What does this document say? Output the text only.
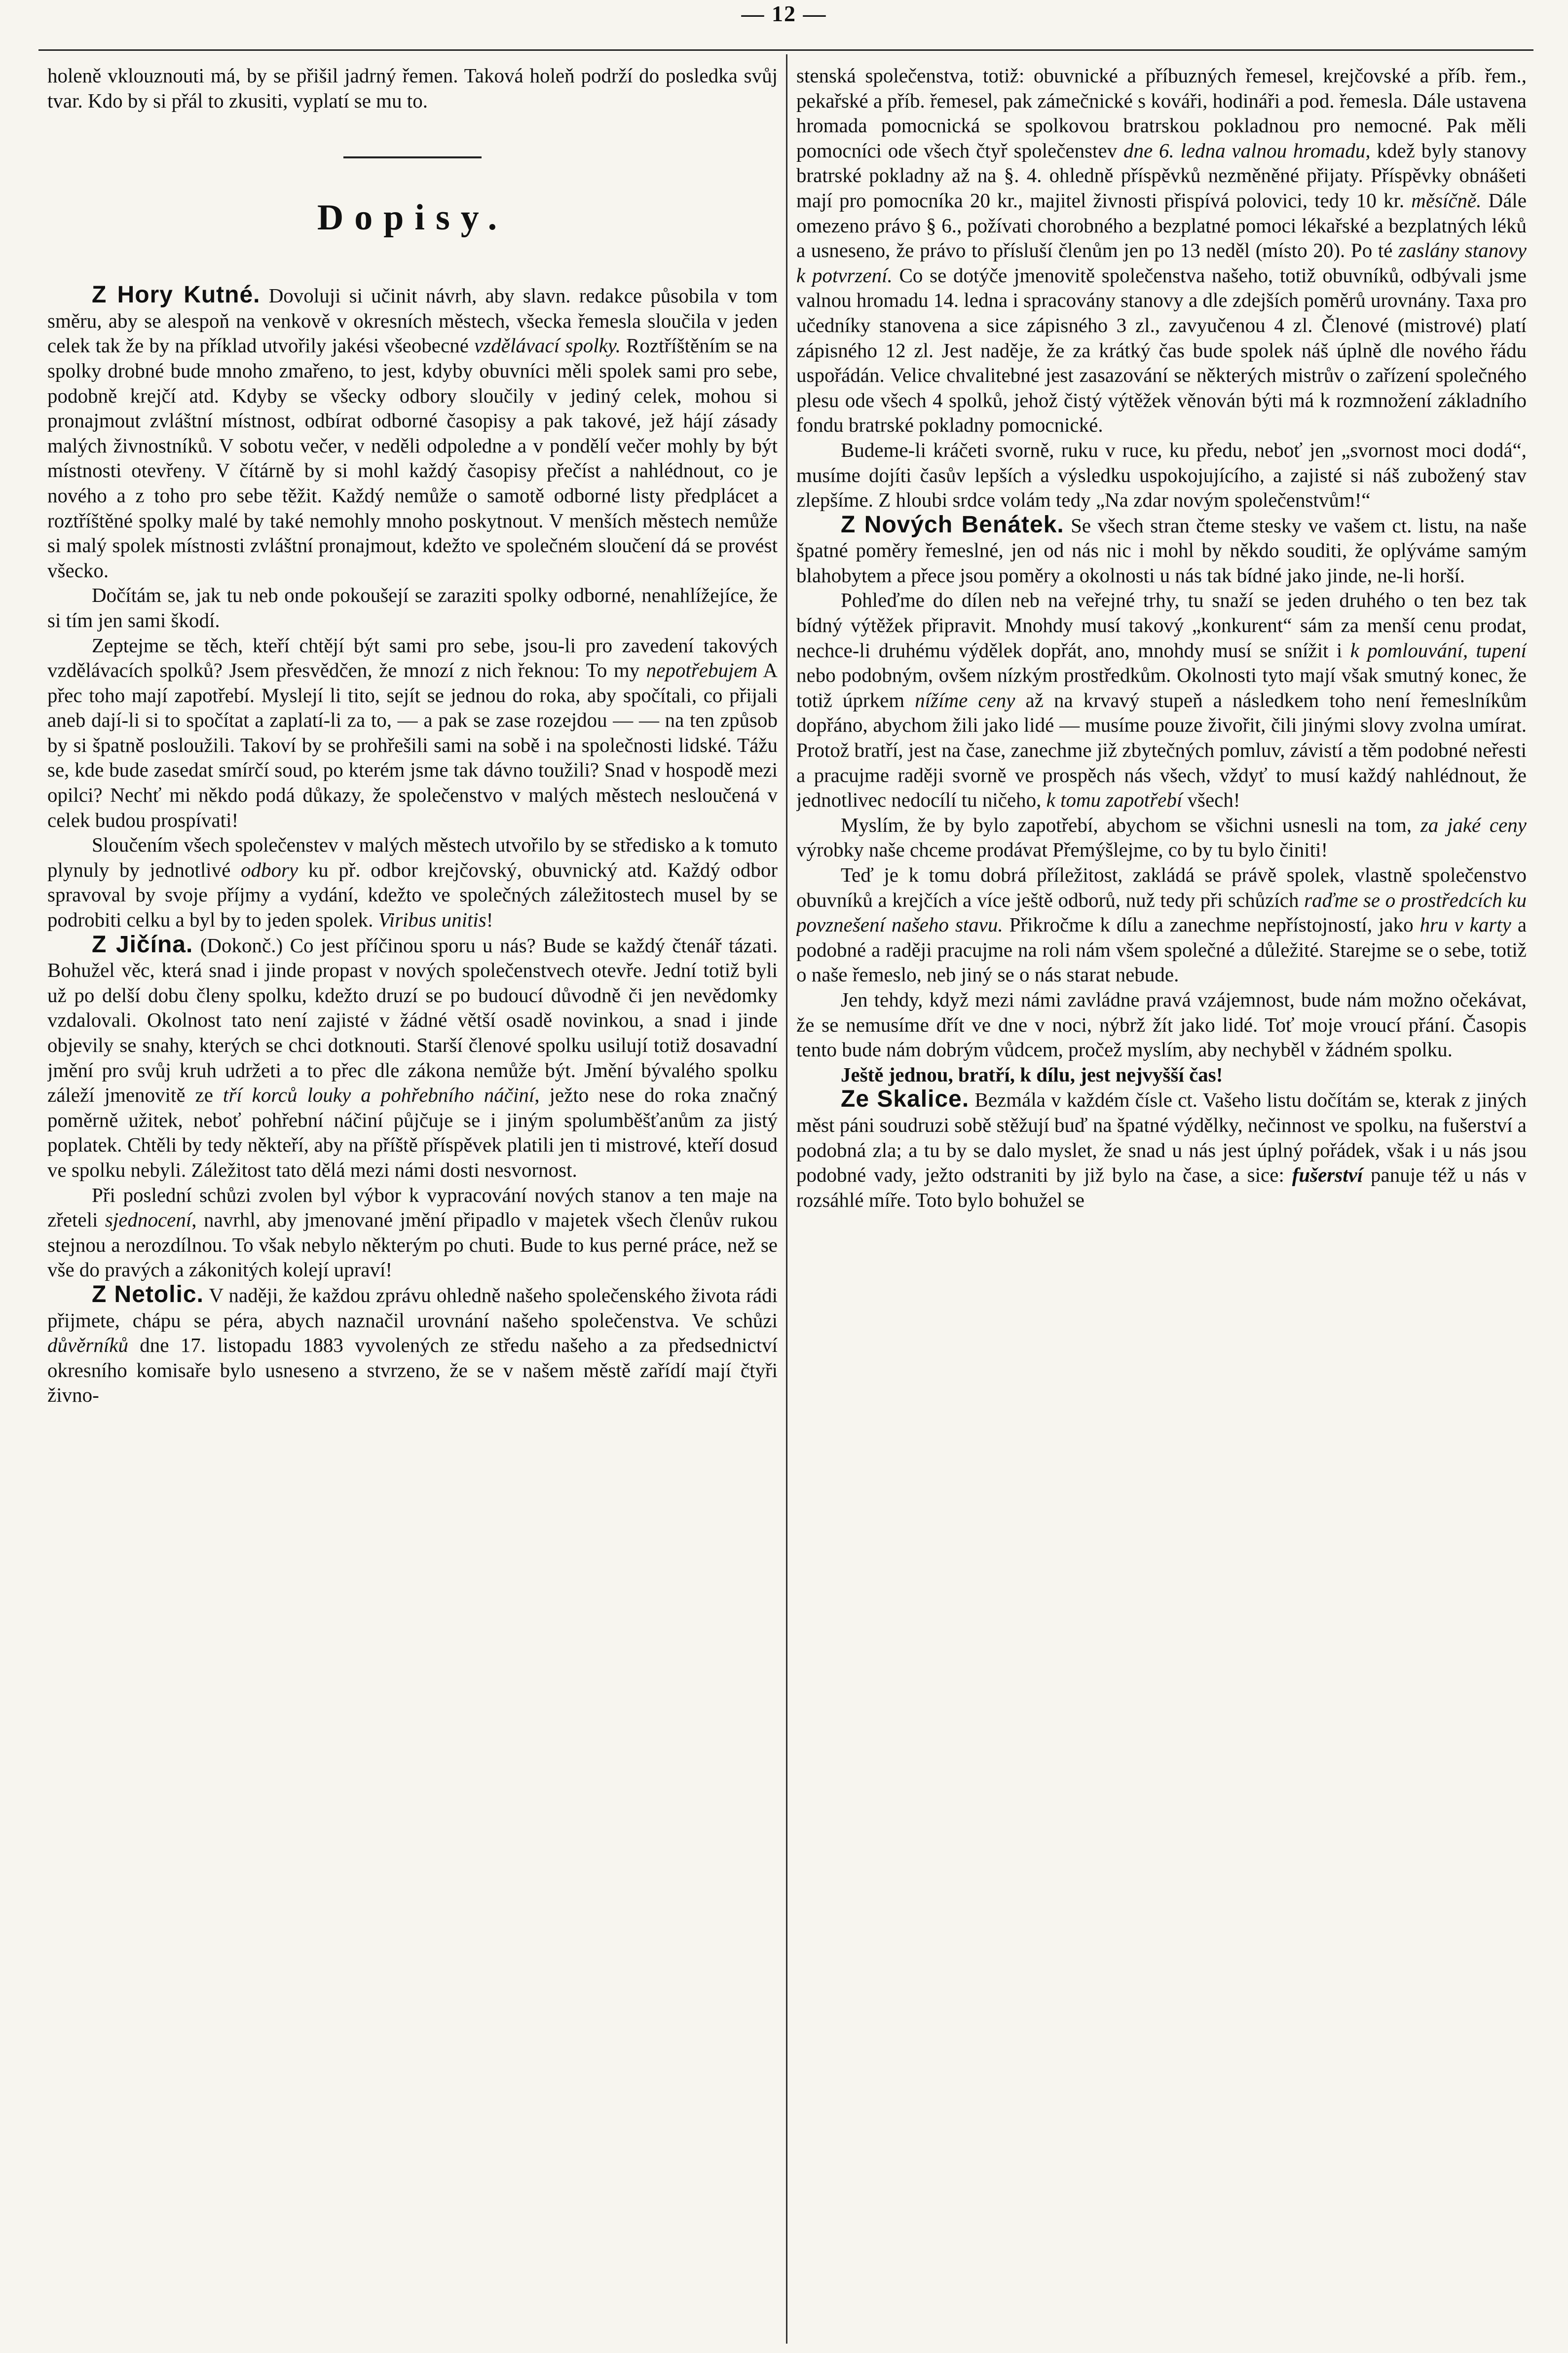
— 12 —

holeně vklouznouti má, by se přišil jadrný řemen. Taková holeň podrží do posledka svůj tvar. Kdo by si přál to zkusiti, vyplatí se mu to.

Dopisy.

Z Hory Kutné. Dovoluji si učinit návrh, aby slavn. redakce působila v tom směru, aby se alespoň na venkově v okresních městech, všecka řemesla sloučila v jeden celek tak že by na příklad utvořily jakési všeobecné vzdělávací spolky. Roztříštěním se na spolky drobné bude mnoho zmařeno, to jest, kdyby obuvníci měli spolek sami pro sebe, podobně krejčí atd. Kdyby se všecky odbory sloučily v jediný celek, mohou si pronajmout zvláštní místnost, odbírat odborné časopisy a pak takové, jež hájí zásady malých živnostníků. V sobotu večer, v neděli odpoledne a v pondělí večer mohly by být místnosti otevřeny. V čítárně by si mohl každý časopisy přečíst a nahlédnout, co je nového a z toho pro sebe těžit. Každý nemůže o samotě odborné listy předplácet a roztříštěné spolky malé by také nemohly mnoho poskytnout. V menších městech nemůže si malý spolek místnosti zvláštní pronajmout, kdežto ve společném sloučení dá se provést všecko.

Dočítám se, jak tu neb onde pokoušejí se zaraziti spolky odborné, nenahlížejíce, že si tím jen sami škodí.

Zeptejme se těch, kteří chtějí být sami pro sebe, jsou-li pro zavedení takových vzdělávacích spolků? Jsem přesvědčen, že mnozí z nich řeknou: To my nepotřebujem A přec toho mají zapotřebí. Myslejí li tito, sejít se jednou do roka, aby spočítali, co přijali aneb dají-li si to spočítat a zaplatí-li za to, — a pak se zase rozejdou — — na ten způsob by si špatně posloužili. Takoví by se prohřešili sami na sobě i na společnosti lidské. Tážu se, kde bude zasedat smírčí soud, po kterém jsme tak dávno toužili? Snad v hospodě mezi opilci? Nechť mi někdo podá důkazy, že společenstvo v malých městech nesloučená v celek budou prospívati!

Sloučením všech společenstev v malých městech utvořilo by se středisko a k tomuto plynuly by jednotlivé odbory ku př. odbor krejčovský, obuvnický atd. Každý odbor spravoval by svoje příjmy a vydání, kdežto ve společných záležitostech musel by se podrobiti celku a byl by to jeden spolek. Viribus unitis!

Z Jičína. (Dokonč.) Co jest příčinou sporu u nás? Bude se každý čtenář tázati. Bohužel věc, která snad i jinde propast v nových společenstvech otevře. Jední totiž byli už po delší dobu členy spolku, kdežto druzí se po budoucí důvodně či jen nevědomky vzdalovali. Okolnost tato není zajisté v žádné větší osadě novinkou, a snad i jinde objevily se snahy, kterých se chci dotknouti. Starší členové spolku usilují totiž dosavadní jmění pro svůj kruh udržeti a to přec dle zákona nemůže být. Jmění bývalého spolku záleží jmenovitě ze tří korců louky a pohřebního náčiní, ježto nese do roka značný poměrně užitek, neboť pohřební náčiní půjčuje se i jiným spolumběšťanům za jistý poplatek. Chtěli by tedy někteří, aby na příště příspěvek platili jen ti mistrové, kteří dosud ve spolku nebyli. Záležitost tato dělá mezi námi dosti nesvornost.

Při poslední schůzi zvolen byl výbor k vypracování nových stanov a ten maje na zřeteli sjednocení, navrhl, aby jmenované jmění připadlo v majetek všech členův rukou stejnou a nerozdílnou. To však nebylo některým po chuti. Bude to kus perné práce, než se vše do pravých a zákonitých kolejí upraví!

Z Netolic. V naději, že každou zprávu ohledně našeho společenského života rádi přijmete, chápu se péra, abych naznačil urovnání našeho společenstva. Ve schůzi důvěrníků dne 17. listopadu 1883 vyvolených ze středu našeho a za předsednictví okresního komisaře bylo usneseno a stvrzeno, že se v našem městě zařídí mají čtyři živno-

stenská společenstva, totiž: obuvnické a příbuzných řemesel, krejčovské a příb. řem., pekařské a příb. řemesel, pak zámečnické s kováři, hodináři a pod. řemesla. Dále ustavena hromada pomocnická se spolkovou bratrskou pokladnou pro nemocné. Pak měli pomocníci ode všech čtyř společenstev dne 6. ledna valnou hromadu, kdež byly stanovy bratrské pokladny až na §. 4. ohledně příspěvků nezměněné přijaty. Příspěvky obnášeti mají pro pomocníka 20 kr., majitel živnosti přispívá polovici, tedy 10 kr. měsíčně. Dále omezeno právo § 6., požívati chorobného a bezplatné pomoci lékařské a bezplatných léků a usneseno, že právo to přísluší členům jen po 13 neděl (místo 20). Po té zaslány stanovy k potvrzení. Co se dotýče jmenovitě společenstva našeho, totiž obuvníků, odbývali jsme valnou hromadu 14. ledna i spracovány stanovy a dle zdejších poměrů urovnány. Taxa pro učedníky stanovena a sice zápisného 3 zl., zavyučenou 4 zl. Členové (mistrové) platí zápisného 12 zl. Jest naděje, že za krátký čas bude spolek náš úplně dle nového řádu uspořádán. Velice chvalitebné jest zasazování se některých mistrův o zařízení společného plesu ode všech 4 spolků, jehož čistý výtěžek věnován býti má k rozmnožení základního fondu bratrské pokladny pomocnické.

Budeme-li kráčeti svorně, ruku v ruce, ku předu, neboť jen „svornost moci dodá“, musíme dojíti časův lepších a výsledku uspokojujícího, a zajisté si náš zubožený stav zlepšíme. Z hloubi srdce volám tedy „Na zdar novým společenstvům!“

Z Nových Benátek. Se všech stran čteme stesky ve vašem ct. listu, na naše špatné poměry řemeslné, jen od nás nic i mohl by někdo souditi, že oplýváme samým blahobytem a přece jsou poměry a okolnosti u nás tak bídné jako jinde, ne-li horší.

Pohleďme do dílen neb na veřejné trhy, tu snaží se jeden druhého o ten bez tak bídný výtěžek připravit. Mnohdy musí takový „konkurent“ sám za menší cenu prodat, nechce-li druhému výdělek dopřát, ano, mnohdy musí se snížit i k pomlouvání, tupení nebo podobným, ovšem nízkým prostředkům. Okolnosti tyto mají však smutný konec, že totiž úprkem nížíme ceny až na krvavý stupeň a následkem toho není řemeslníkům dopřáno, abychom žili jako lidé — musíme pouze živořit, čili jinými slovy zvolna umírat. Protož bratří, jest na čase, zanechme již zbytečných pomluv, závistí a těm podobné neřesti a pracujme raději svorně ve prospěch nás všech, vždyť to musí každý nahlédnout, že jednotlivec nedocílí tu ničeho, k tomu zapotřebí všech!

Myslím, že by bylo zapotřebí, abychom se všichni usnesli na tom, za jaké ceny výrobky naše chceme prodávat Přemýšlejme, co by tu bylo činiti!

Teď je k tomu dobrá příležitost, zakládá se právě spolek, vlastně společenstvo obuvníků a krejčích a více ještě odborů, nuž tedy při schůzích raďme se o prostředcích ku povznešení našeho stavu. Přikročme k dílu a zanechme nepřístojností, jako hru v karty a podobné a raději pracujme na roli nám všem společné a důležité. Starejme se o sebe, totiž o naše řemeslo, neb jiný se o nás starat nebude.

Jen tehdy, když mezi námi zavládne pravá vzájemnost, bude nám možno očekávat, že se nemusíme dřít ve dne v noci, nýbrž žít jako lidé. Toť moje vroucí přání. Časopis tento bude nám dobrým vůdcem, pročež myslím, aby nechyběl v žádném spolku.

Ještě jednou, bratří, k dílu, jest nejvyšší čas!

Ze Skalice. Bezmála v každém čísle ct. Vašeho listu dočítám se, kterak z jiných měst páni soudruzi sobě stěžují buď na špatné výdělky, nečinnost ve spolku, na fušerství a podobná zla; a tu by se dalo myslet, že snad u nás jest úplný pořádek, však i u nás jsou podobné vady, ježto odstraniti by již bylo na čase, a sice: fušerství panuje též u nás v rozsáhlé míře. Toto bylo bohužel se
